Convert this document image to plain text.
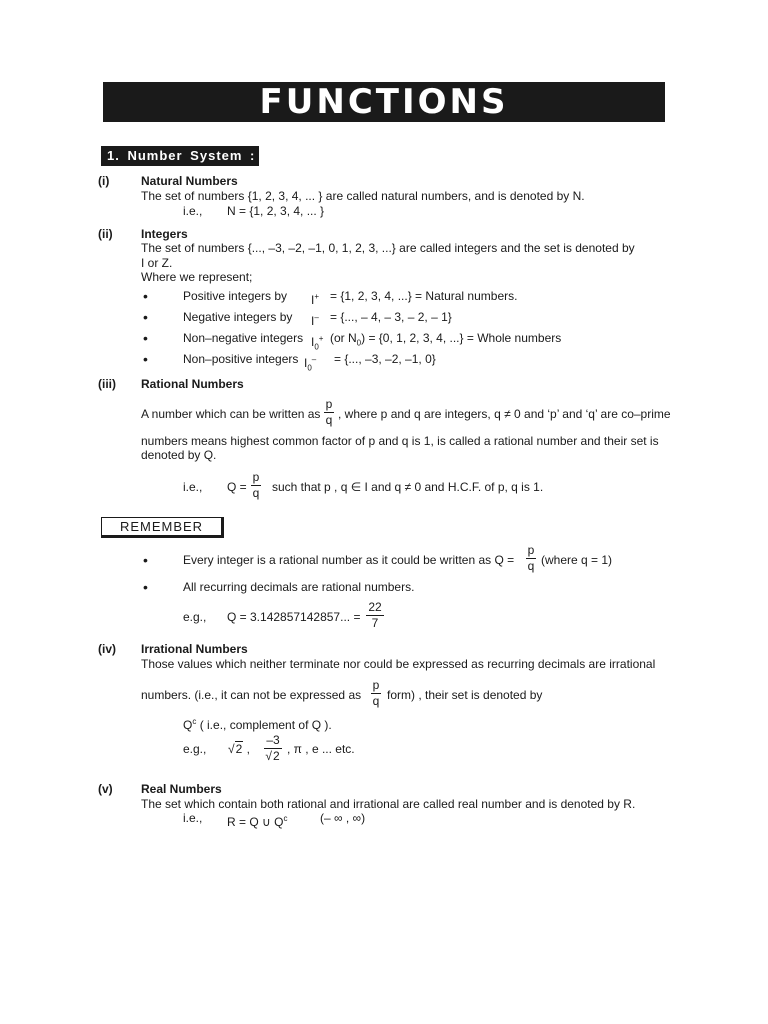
FUNCTIONS
1. Number System :
(i)	Natural Numbers
The set of numbers {1, 2, 3, 4, ... } are called natural numbers, and is denoted by N.
i.e., N = {1, 2, 3, 4, ... }
(ii) Integers
The set of numbers {..., –3, –2, –1, 0, 1, 2, 3, ...} are called integers and the set is denoted by
I or Z.
Where we represent;
•	Positive integers by I+ = {1, 2, 3, 4, ...} = Natural numbers.
•	Negative integers by I– = {..., – 4, – 3, – 2, – 1}
•	Non–negative integers $I_0^+$ (or $N_0) = \{0$, 1, 2, 3, 4, ...} = Whole numbers
•	Non–positive integers $I_0^-$ = {..., –3, –2, –1, 0}
(iii) Rational Numbers
A number which can be written as
p
q , where p and q are integers, q ≠ 0 and ‘p’ and ‘q’ are co–prime
numbers means highest common factor of p and q is 1, is called a rational number and their set is
denoted by Q.
i.e., Q =
p
q such that p , q ∈ I and q ≠ 0 and H.C.F. of p, q is 1.
REMEMBER
•	Every integer is a rational number as it could be written as Q =
p
q (where q = 1)
•	All recurring decimals are rational numbers.
e.g., Q = 3.142857142857... =
22
7
(iv) Irrational Numbers
Those values which neither terminate nor could be expressed as recurring decimals are irrational
numbers. (i.e., it can not be expressed as
p
q form) , their set is denoted by
$Q^c$ ( i.e., complement of Q ).
e.g., √2 ,
–3
√2 , π , e ... etc.
(v) Real Numbers
The set which contain both rational and irrational are called real number and is denoted by R.
i.e., R = Q ∪ $Q^c$	(– ∞ , ∞)
